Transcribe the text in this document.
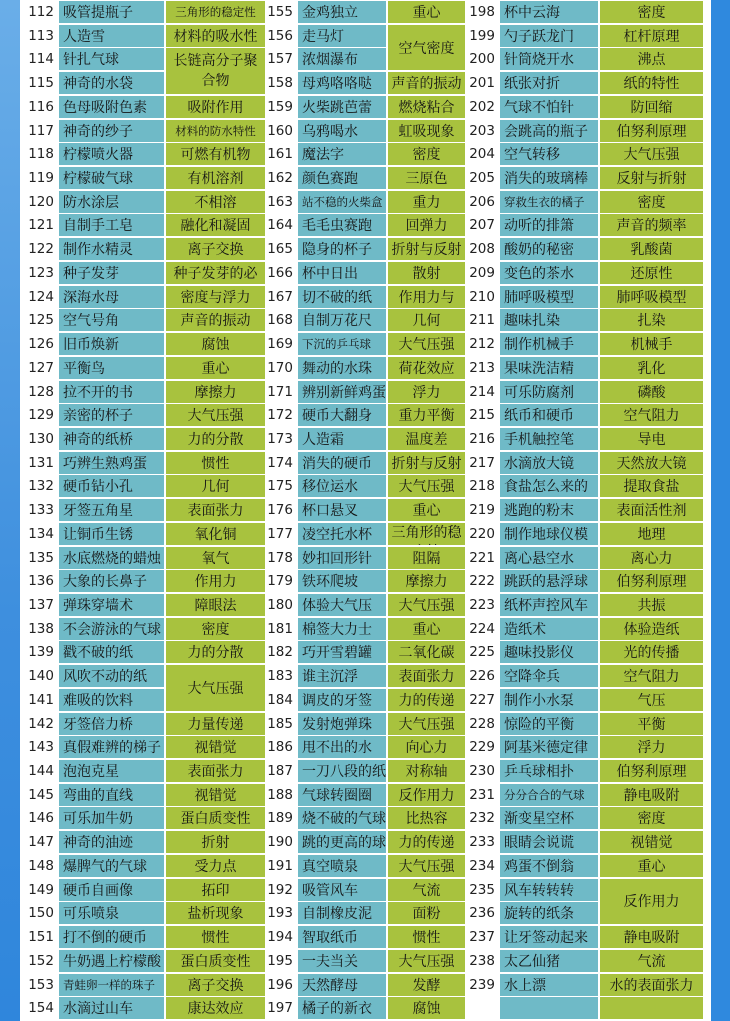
112 吸管提瓶子	三角形的稳定性
113 人造雪	材料的吸水性
114 针扎气球	长链高分子聚合物
115 神奇的水袋
116 色母吸附色素	吸附作用
117 神奇的纱子	材料的防水特性
118 柠檬喷火器	可燃有机物
119 柠檬破气球	有机溶剂
120 防水涂层	不相溶
121 自制手工皂	融化和凝固
122 制作水精灵	离子交换
123 种子发芽	种子发芽的必
124 深海水母	密度与浮力
125 空气号角	声音的振动
126 旧币焕新	腐蚀
127 平衡鸟	重心
128 拉不开的书	摩擦力
129 亲密的杯子	大气压强
130 神奇的纸桥	力的分散
131 巧辨生熟鸡蛋	惯性
132 硬币钻小孔	几何
133 牙签五角星	表面张力
134 让铜币生锈	氧化铜
135 水底燃烧的蜡烛	氧气
136 大象的长鼻子	作用力
137 弹珠穿墙术	障眼法
138 不会游泳的气球	密度
139 戳不破的纸	力的分散
140 风吹不动的纸
大气压强
141 难吸的饮料
142 牙签倍力桥	力量传递
143 真假难辨的梯子	视错觉
144 泡泡克星	表面张力
145 弯曲的直线	视错觉
146 可乐加牛奶	蛋白质变性
147 神奇的油迹	折射
148 爆脾气的气球	受力点
149 硬币自画像	拓印
150 可乐喷泉	盐析现象
151 打不倒的硬币	惯性
152 牛奶遇上柠檬酸	蛋白质变性
153 青蛙卵一样的珠子	离子交换
154 水滴过山车	康达效应
155 金鸡独立	重心
156 走马灯
空气密度
157 浓烟瀑布
158 母鸡咯咯哒	声音的振动
159 火柴跳芭蕾	燃烧粘合
160 乌鸦喝水	虹吸现象
161 魔法字	密度
162 颜色赛跑	三原色
163 站不稳的火柴盒	重力
164 毛毛虫赛跑	回弹力
165 隐身的杯子	折射与反射
166 杯中日出	散射
167 切不破的纸	作用力与
168 自制万花尺	几何
169 下沉的乒乓球	大气压强
170 舞动的水珠	荷花效应
171 辨别新鲜鸡蛋	浮力
172 硬币大翻身	重力平衡
173 人造霜	温度差
174 消失的硬币	折射与反射
175 移位运水	大气压强
176 杯口悬叉	重心
177 凌空托水杯	三角形的稳
178 妙扣回形针	阻隔
179 铁环爬坡	摩擦力
180 体验大气压	大气压强
181 棉签大力士	重心
182 巧开雪碧罐	二氧化碳
183 谁主沉浮	表面张力
184 调皮的牙签	力的传递
185 发射炮弹珠	大气压强
186 甩不出的水	向心力
187 一刀八段的纸	对称轴
188 气球转圈圈	反作用力
189 烧不破的气球	比热容
190 跳的更高的球 力的传递
191 真空喷泉	大气压强
192 吸管风车	气流
193 自制橡皮泥	面粉
194 智取纸币	惯性
195 一夫当关	大气压强
196 天然酵母	发酵
197 橘子的新衣	腐蚀
198 杯中云海	密度
199 勺子跃龙门	杠杆原理
200 针筒烧开水	沸点
201 纸张对折	纸的特性
202 气球不怕针	防回缩
203 会跳高的瓶子	伯努利原理
204 空气转移	大气压强
205 消失的玻璃棒	反射与折射
206 穿救生衣的橘子	密度
207 动听的排箫	声音的频率
208 酸奶的秘密	乳酸菌
209 变色的茶水	还原性
210 肺呼吸模型	肺呼吸模型
211 趣味扎染	扎染
212 制作机械手	机械手
213 果味洗洁精	乳化
214 可乐防腐剂	磷酸
215 纸币和硬币	空气阻力
216 手机触控笔	导电
217 水滴放大镜	天然放大镜
218 食盐怎么来的	提取食盐
219 逃跑的粉末	表面活性剂
220 制作地球仪模	地理
221 离心悬空水	离心力
222 跳跃的悬浮球	伯努利原理
223 纸杯声控风车	共振
224 造纸术	体验造纸
225 趣味投影仪	光的传播
226 空降伞兵	空气阻力
227 制作小水泵	气压
228 惊险的平衡	平衡
229 阿基米德定律	浮力
230 乒乓球相扑	伯努利原理
231 分分合合的气球	静电吸附
232 渐变星空杯	密度
233 眼睛会说谎	视错觉
234 鸡蛋不倒翁	重心
235 风车转转转
反作用力
236 旋转的纸条
237 让牙签动起来	静电吸附
238 太乙仙猪	气流
239 水上漂	水的表面张力
